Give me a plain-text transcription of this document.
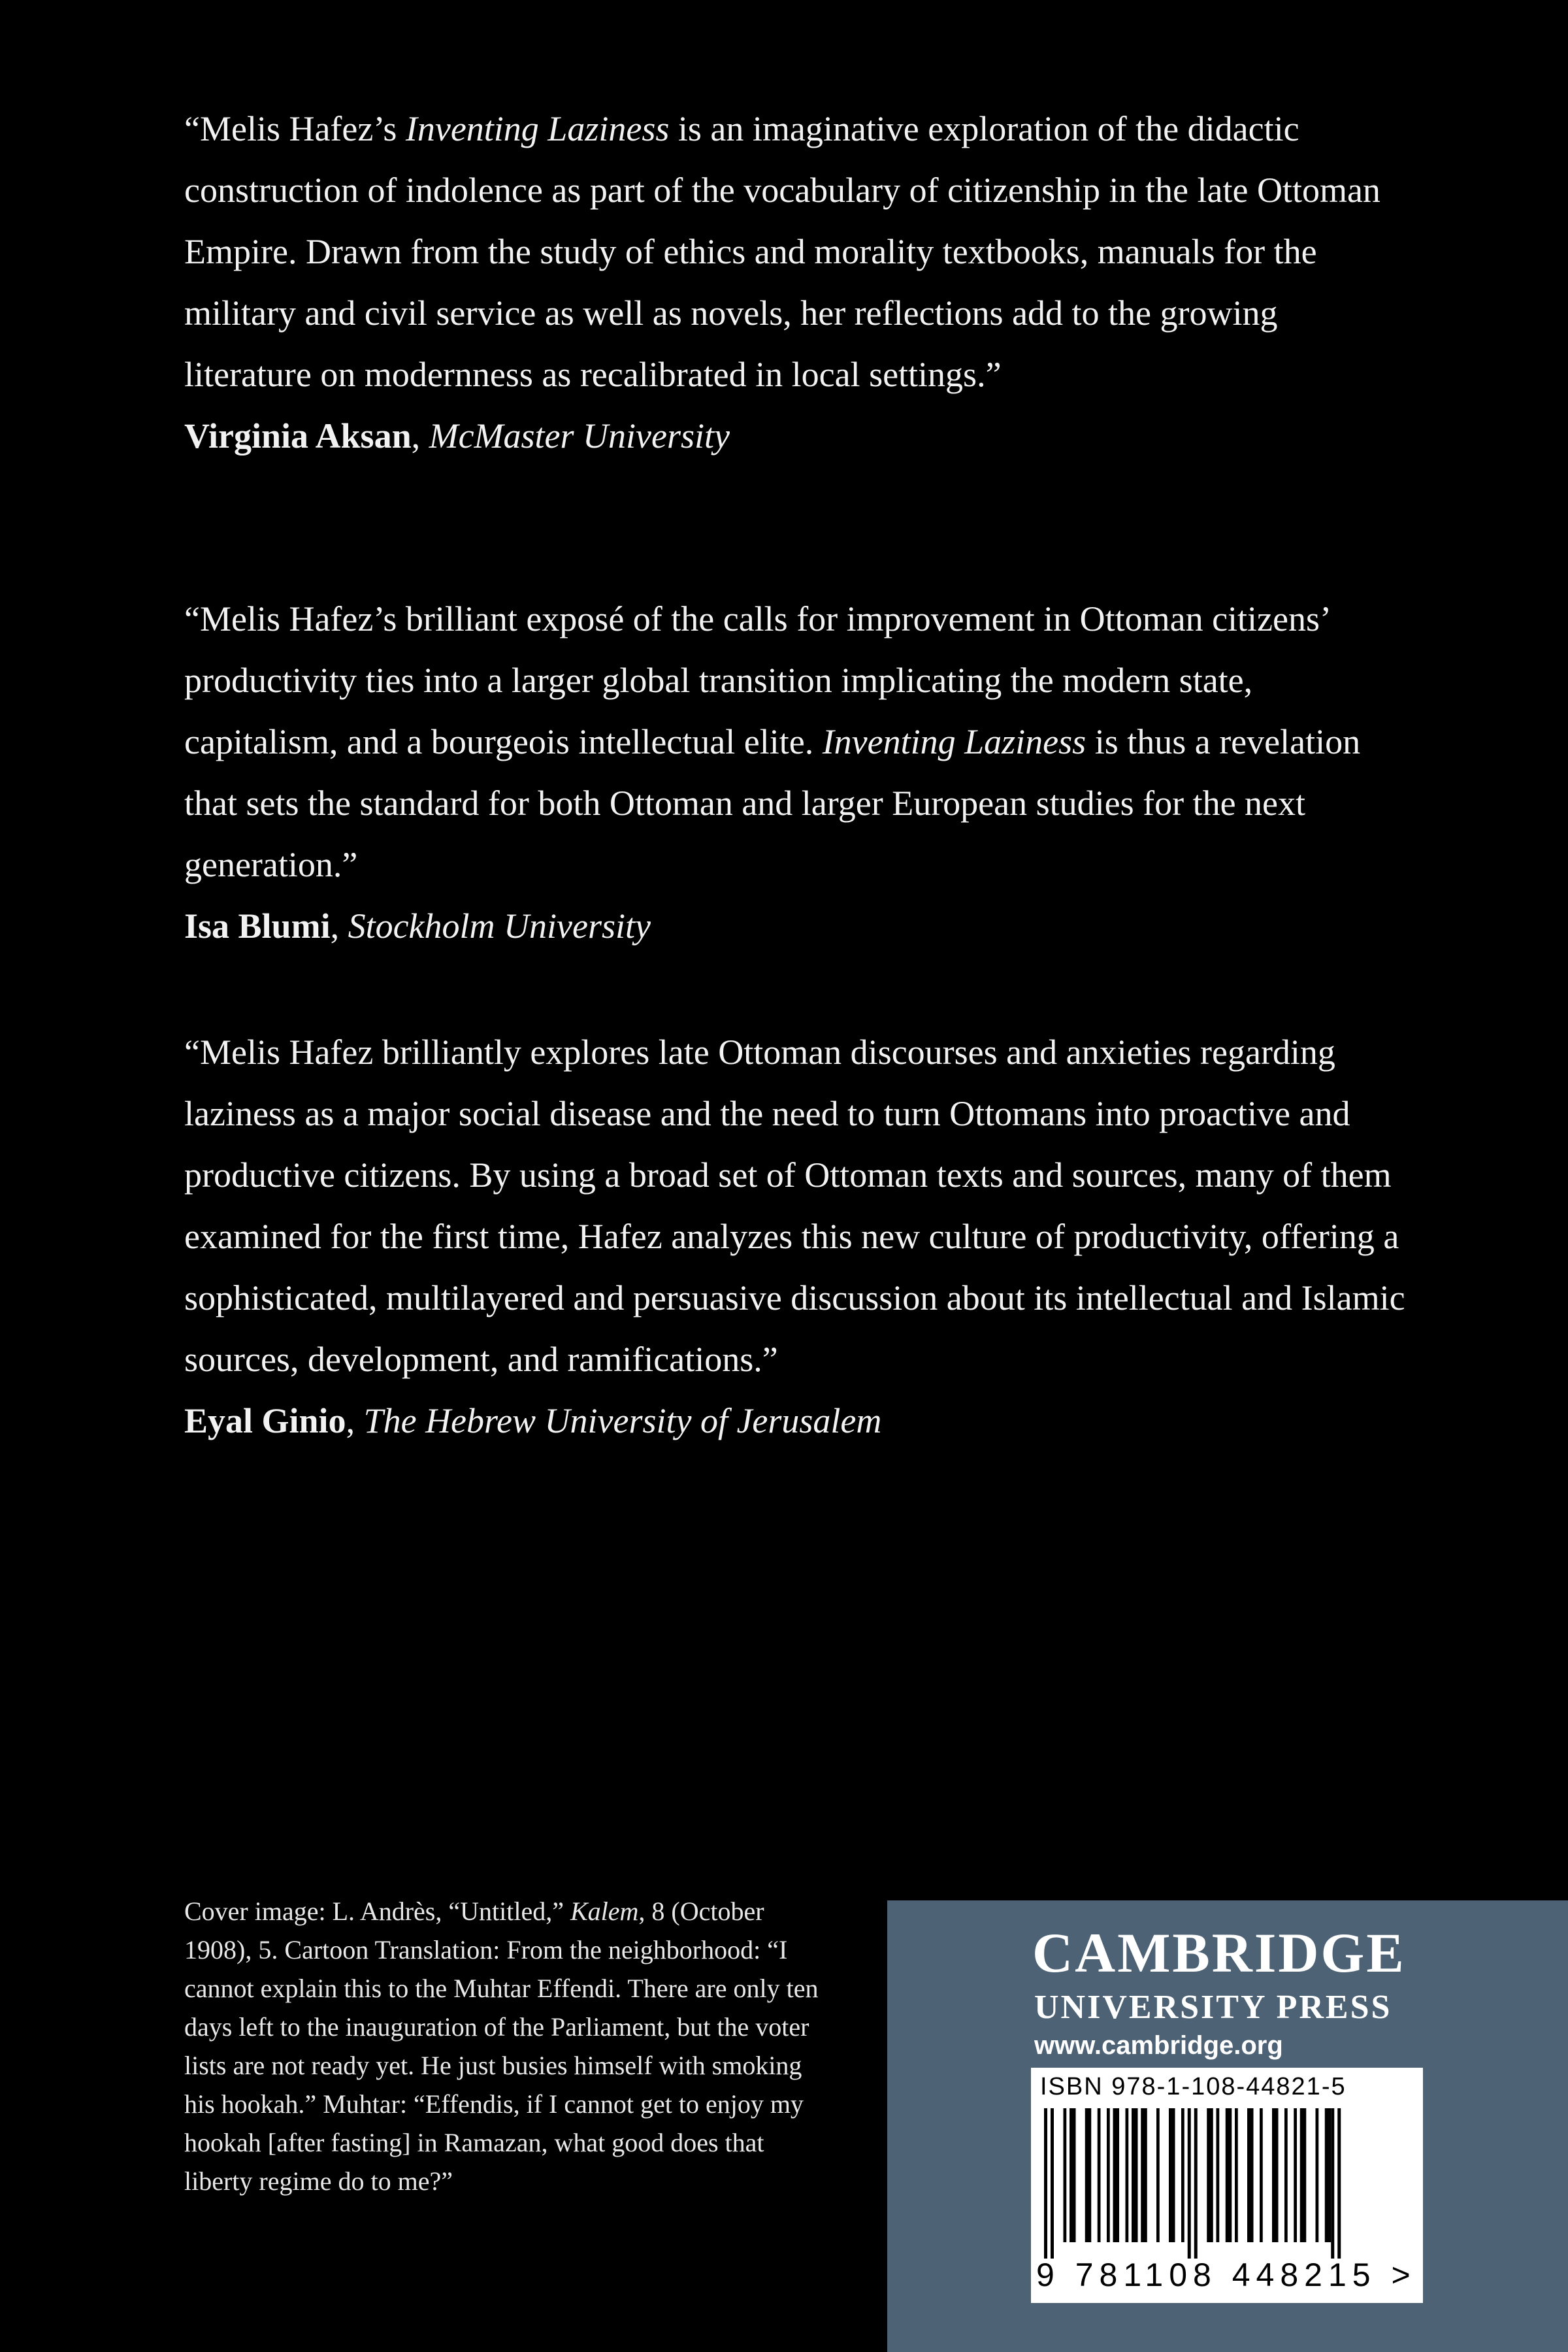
“Melis Hafez’s Inventing Laziness is an imaginative exploration of the didactic construction of indolence as part of the vocabulary of citizenship in the late Ottoman Empire. Drawn from the study of ethics and morality textbooks, manuals for the military and civil service as well as novels, her reflections add to the growing literature on modernness as recalibrated in local settings.”

Virginia Aksan, McMaster University

“Melis Hafez’s brilliant exposé of the calls for improvement in Ottoman citizens’ productivity ties into a larger global transition implicating the modern state, capitalism, and a bourgeois intellectual elite. Inventing Laziness is thus a revelation that sets the standard for both Ottoman and larger European studies for the next generation.”

Isa Blumi, Stockholm University

“Melis Hafez brilliantly explores late Ottoman discourses and anxieties regarding laziness as a major social disease and the need to turn Ottomans into proactive and productive citizens. By using a broad set of Ottoman texts and sources, many of them examined for the first time, Hafez analyzes this new culture of productivity, offering a sophisticated, multilayered and persuasive discussion about its intellectual and Islamic sources, development, and ramifications.”

Eyal Ginio, The Hebrew University of Jerusalem

Cover image: L. Andrès, “Untitled,” Kalem, 8 (October 1908), 5. Cartoon Translation: From the neighborhood: “I cannot explain this to the Muhtar Effendi. There are only ten days left to the inauguration of the Parliament, but the voter lists are not ready yet. He just busies himself with smoking his hookah.” Muhtar: “Effendis, if I cannot get to enjoy my hookah [after fasting] in Ramazan, what good does that liberty regime do to me?”

CAMBRIDGE
UNIVERSITY PRESS
www.cambridge.org
ISBN 978-1-108-44821-5
9 781108 448215 >
